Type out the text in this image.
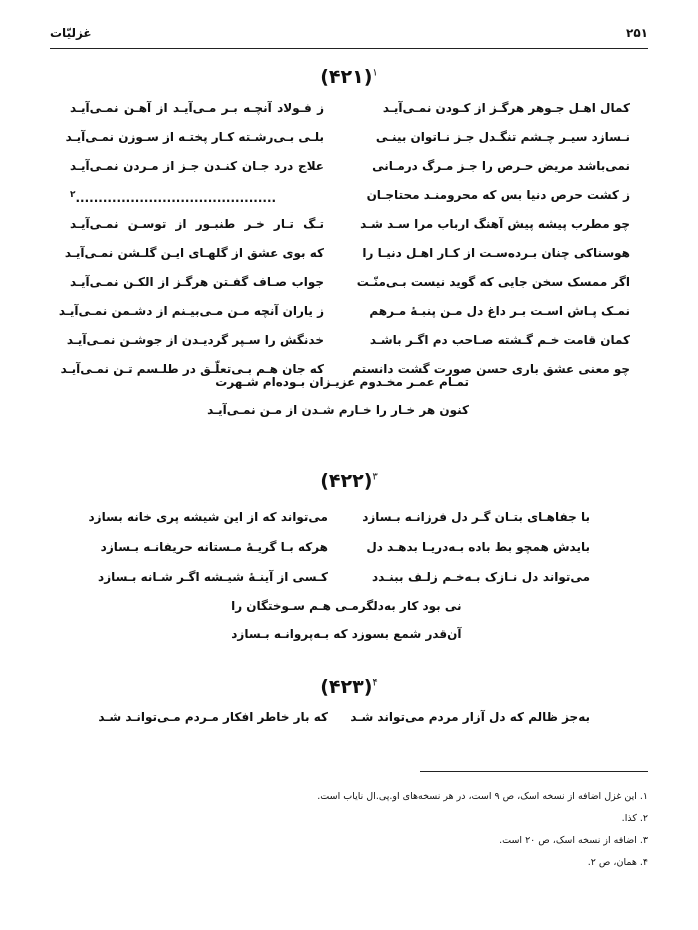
۲۵۱
غزلیّات
(۴۲۱)$^۱$
کمال اهـل جـوهر هرگـز از کـودن نمـی‌آیـد
ز فـولاد آنچـه بـر مـی‌آیـد از آهـن نمـی‌آیـد
نـسازد سیـر چـشم تنگـدل جـز نـاتوان بینـی
بلـی بـی‌رشـته کـار پختـه از سـوزن نمـی‌آیـد
نمی‌باشد مریض حـرص را جـز مـرگ درمـانی
علاج درد جـان کنـدن جـز از مـردن نمـی‌آیـد
ز کشت حرص دنیا بس که محرومنـد محتاجـان
............................................$^۲$
چو مطرب پیشه پیش آهنگ ارباب مرا سـد شـد
تـگ تـار خـر طنبـور از توسـن نمـی‌آیـد
هوسناکی چنان بـرده‌سـت از کـار اهـل دنیـا را
که بوی عشق از گلهـای ایـن گلـشن نمـی‌آیـد
اگر ممسک سخن جایی که گوید نیست بـی‌منّـت
جواب صـاف گفـتن هرگـز از الکـن نمـی‌آیـد
نمـک پـاش اسـت بـر داغ دل مـن پنبـهٔ مـرهم
ز یاران آنچه مـن مـی‌بیـنم از دشـمن نمـی‌آیـد
کمان قامت خـم گـشته صـاحب دم اگـر باشـد
خدنگش را سـپر گردیـدن از جوشـن نمـی‌آیـد
چو معنی عشق باری حسن صورت گشت دانستم
که جان هـم بـی‌تعلّـق در طلـسم تـن نمـی‌آیـد
تمـام عمـر مخـدوم عزیـزان بـوده‌ام شـهرت
کنون هر خـار را خـارم شـدن از مـن نمـی‌آیـد
(۴۲۲)$^۳$
با جفاهـای بتـان گـر دل فرزانـه بـسازد
می‌تواند که از این شیشه پری خانه بسازد
بایدش همچو بط باده بـه‌دریـا بدهـد دل
هرکه بـا گریـهٔ مـستانه حریفانـه بـسازد
می‌تواند دل نـازک بـه‌خـم زلـف ببنـدد
کـسی از آینـهٔ شیـشه اگـر شـانه بـسازد
نی بود کار به‌دلگرمـی هـم سـوختگان را
آن‌قدر شمع بسوزد که بـه‌پروانـه بـسازد
(۴۲۳)$^۴$
به‌جز ظالم که دل آزار مردم می‌تواند شـد
که بار خاطر افکار مـردم مـی‌توانـد شـد
۱. این غزل اضافه از نسخه اسک، ص ۹ است، در هر نسخه‌های او.پی.ال نایاب است.
۲. کذا.
۳. اضافه از نسخه اسک، ص ۲۰ است.
۴. همان، ص ۲.
